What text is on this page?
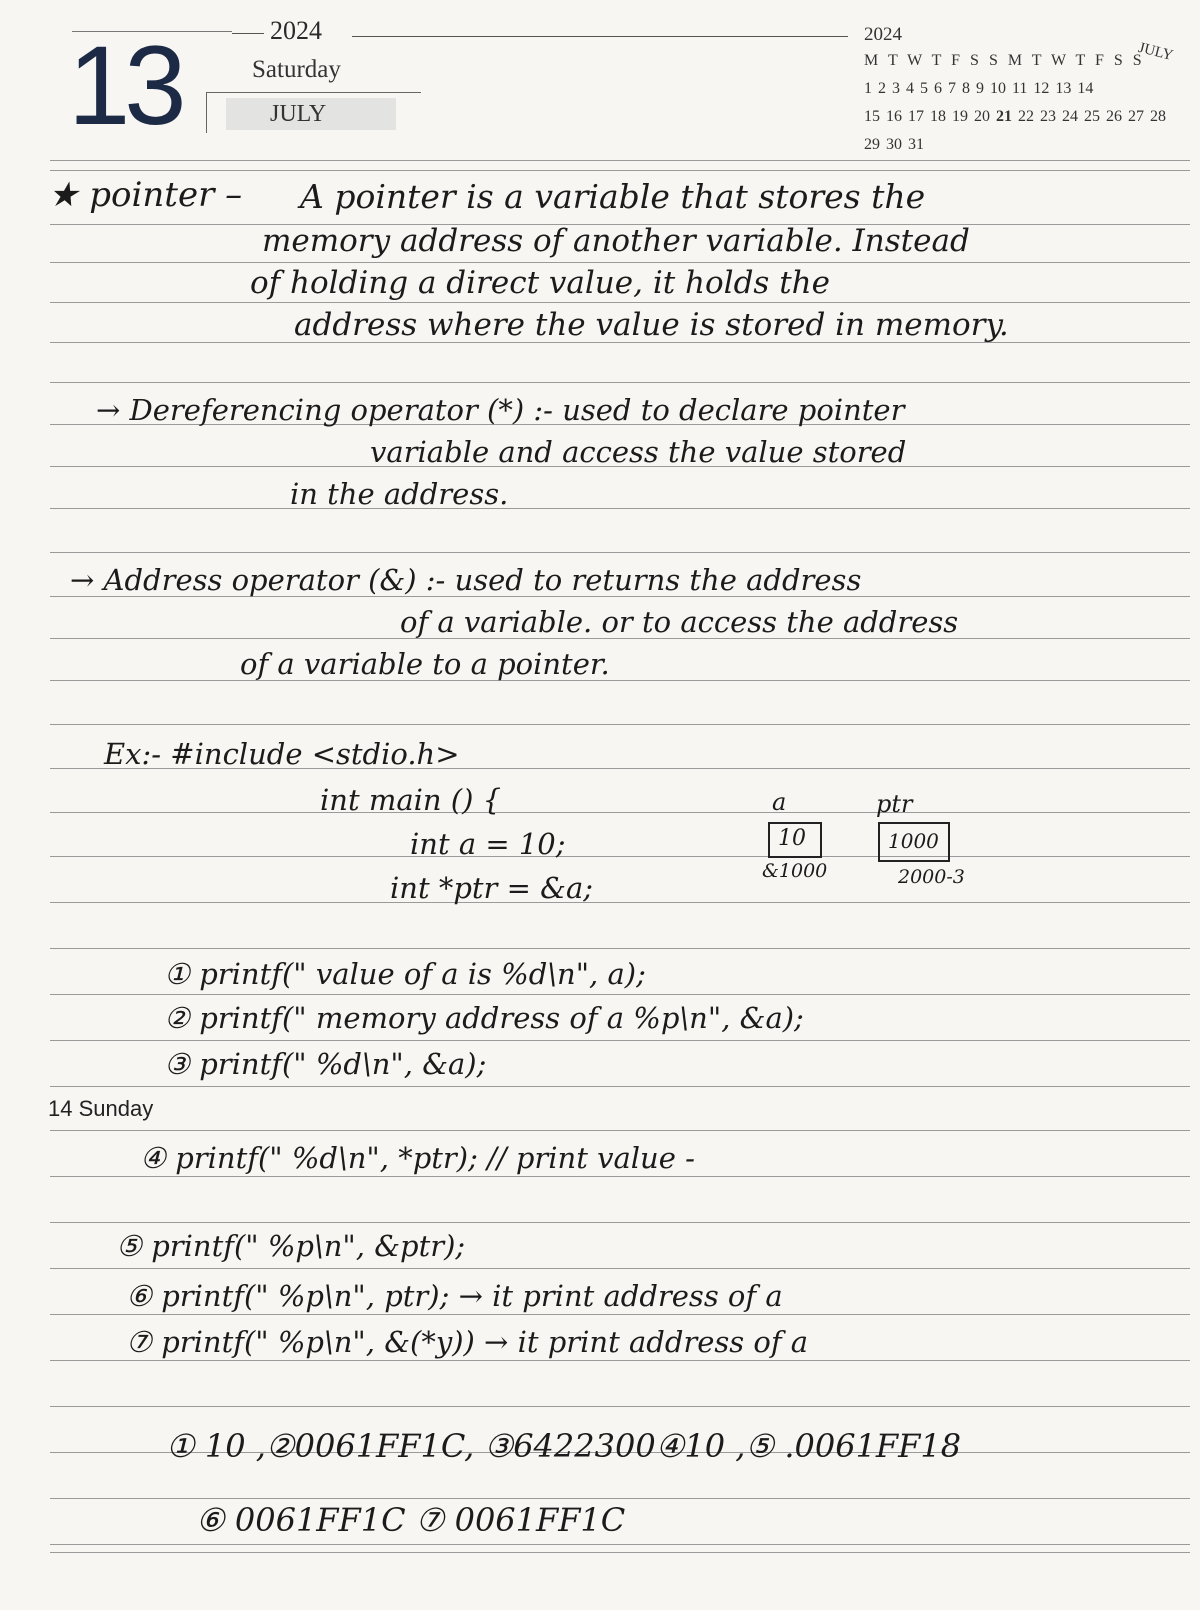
13	2024
Saturday
JULY
2024
JULY
M T W T F S S M T W T F S S
1 2 3 4 5 6 7 8 9 10 11 12 13 14
15 16 17 18 19 20 21 22 23 24 25 26 27 28
29 30 31
14 Sunday
★ pointer – A pointer is a variable that stores the
memory address of another variable. Instead
of holding a direct value, it holds the
address where the value is stored in memory.
→ Dereferencing operator (*) :- used to declare pointer
variable and access the value stored
in the address.
→ Address operator (&) :- used to returns the address
of a variable. or to access the address
of a variable to a pointer.
Ex:- #include <stdio.h>
int main () {
int a = 10;
int *ptr = &a;
a
10
&1000
ptr
1000
2000-3
① printf(" value of a is %d\n", a);
② printf(" memory address of a %p\n", &a);
③ printf(" %d\n", &a);
④ printf(" %d\n", *ptr); // print value -
⑤ printf(" %p\n", &ptr);
⑥ printf(" %p\n", ptr); → it print address of a
⑦ printf(" %p\n", &(*y)) → it print address of a
① 10 ,②0061FF1C, ③6422300④10 ,⑤ .0061FF18
⑥ 0061FF1C ⑦ 0061FF1C
